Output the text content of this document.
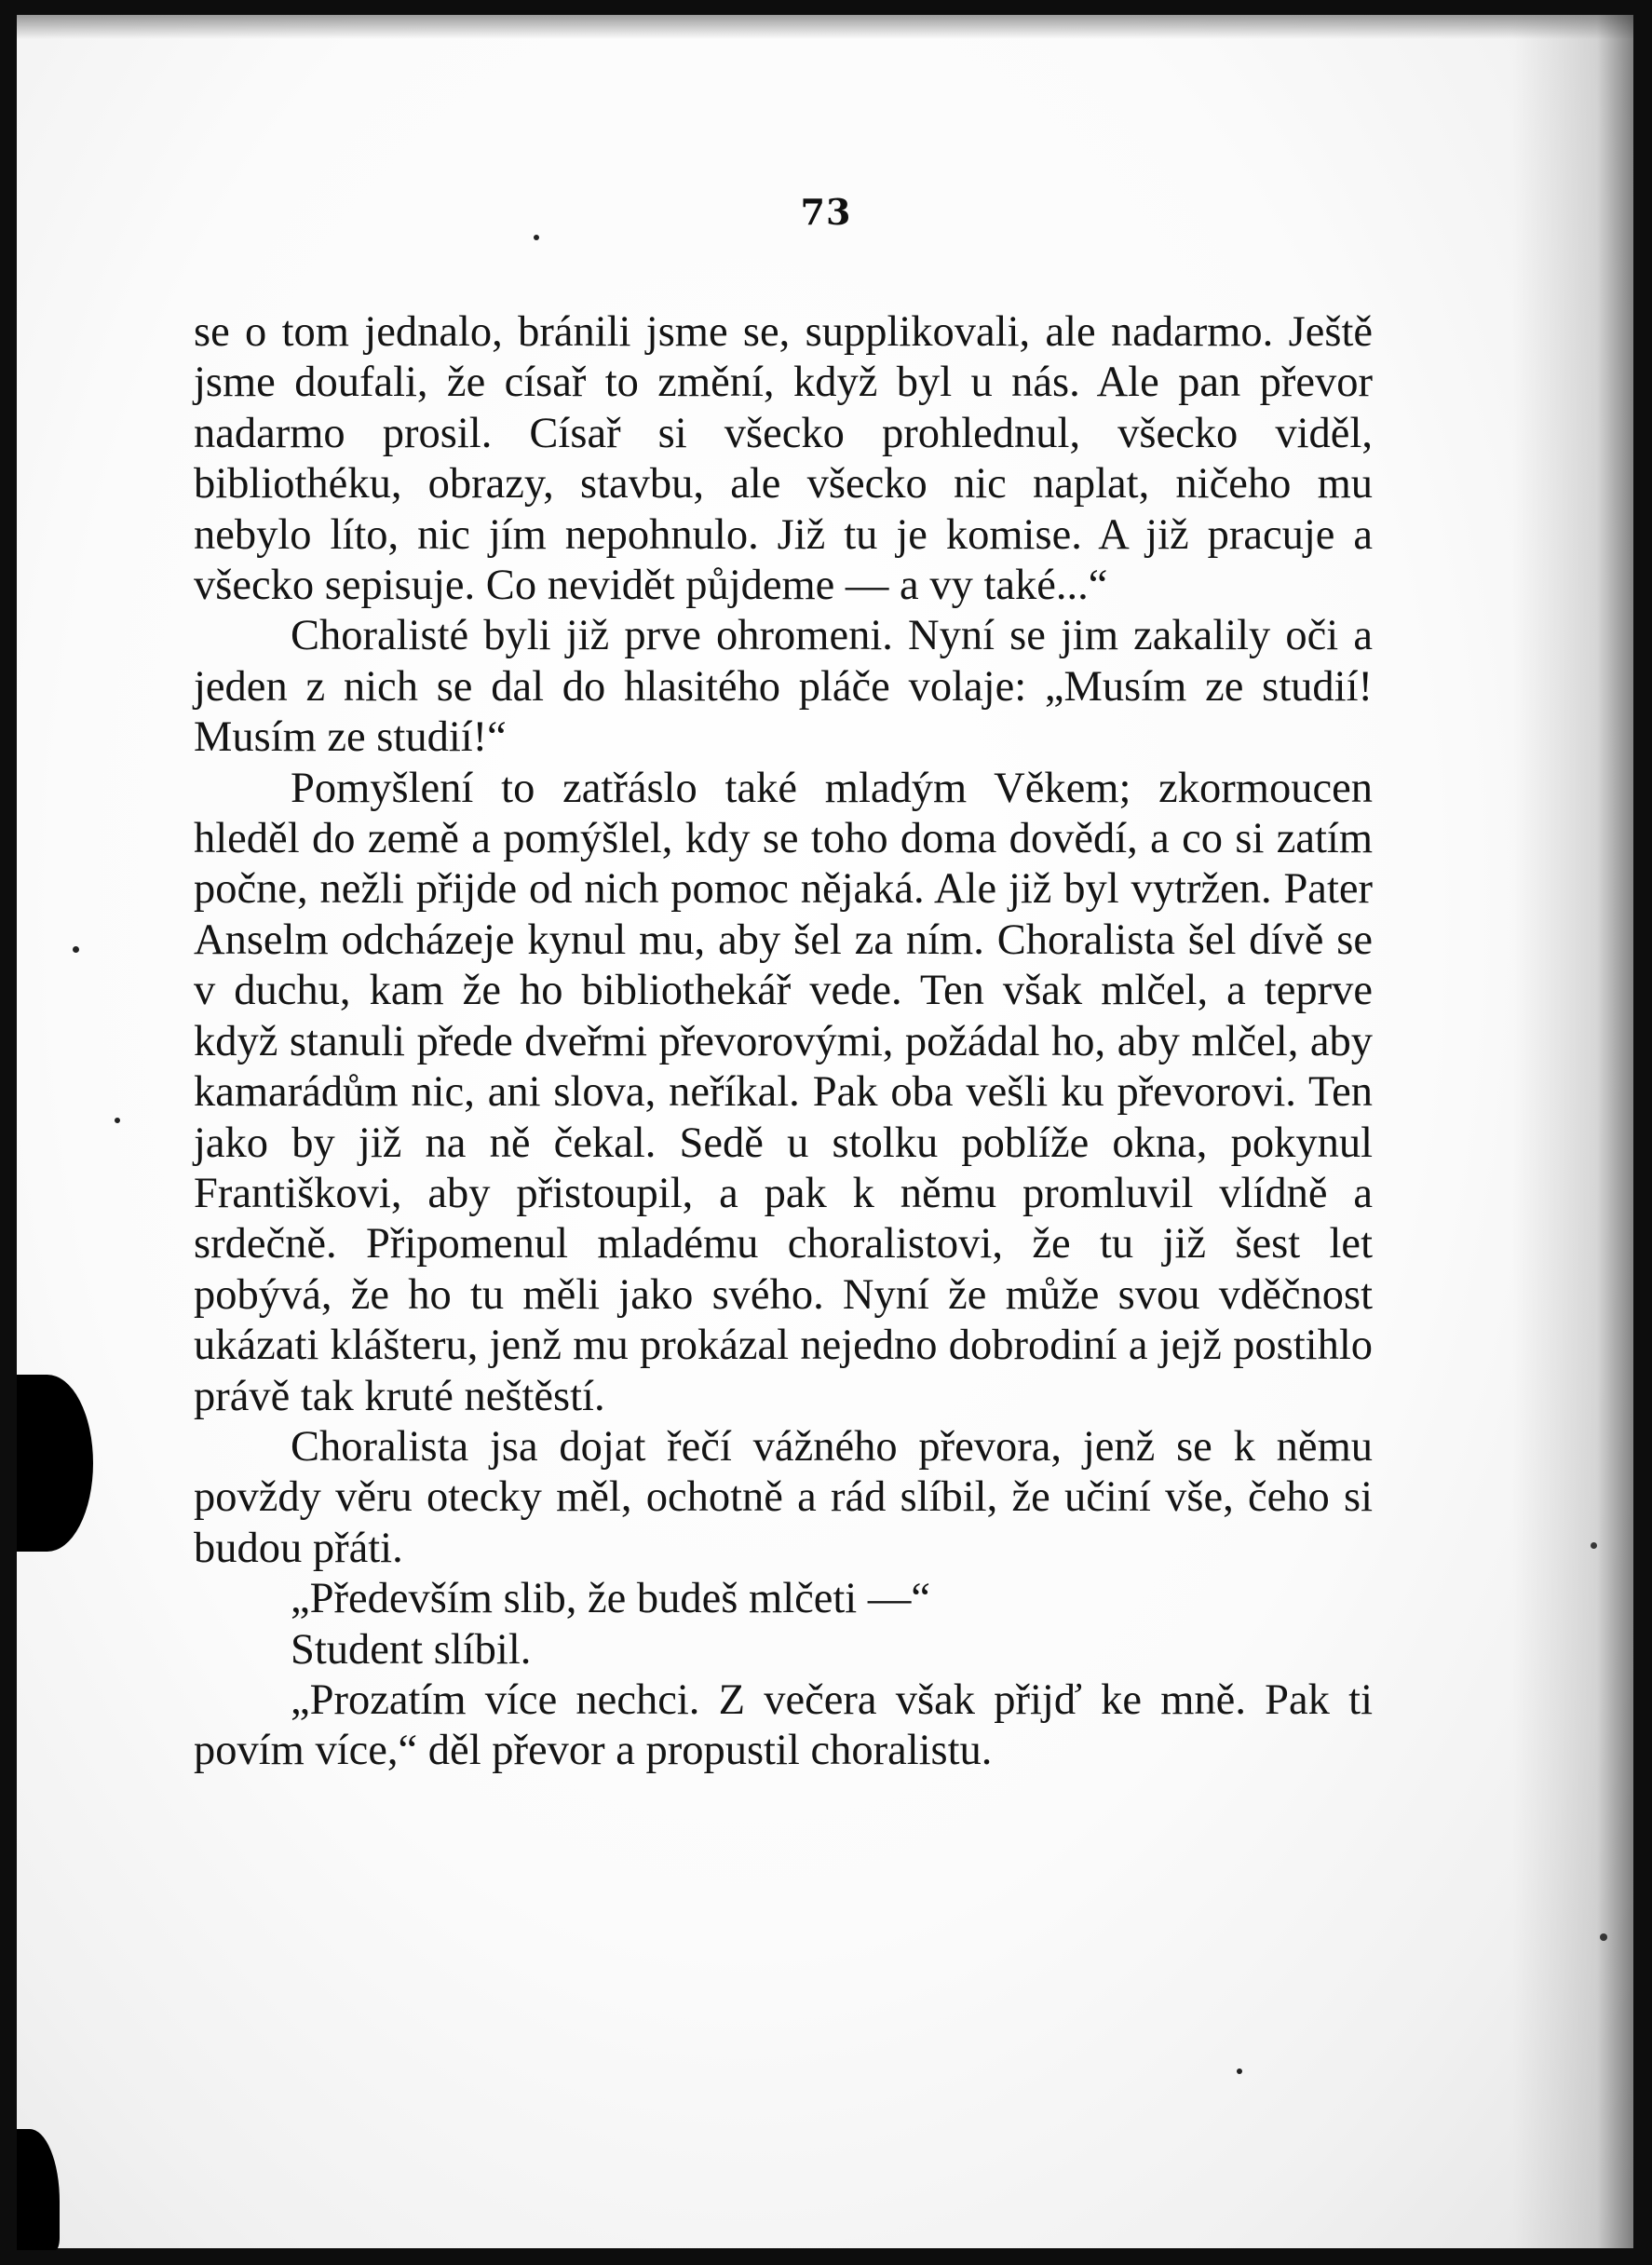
73

se o tom jednalo, bránili jsme se, supplikovali, ale nadarmo. Ještě jsme doufali, že císař to změní, když byl u nás. Ale pan převor nadarmo prosil. Císař si všecko prohlednul, všecko viděl, bibliothéku, obrazy, stavbu, ale všecko nic naplat, ničeho mu nebylo líto, nic jím nepohnulo. Již tu je komise. A již pracuje a všecko sepisuje. Co nevidět půjdeme — a vy také...“

Choralisté byli již prve ohromeni. Nyní se jim zakalily oči a jeden z nich se dal do hlasitého pláče volaje: „Musím ze studií! Musím ze studií!“

Pomyšlení to zatřáslo také mladým Věkem; zkormoucen hleděl do země a pomýšlel, kdy se toho doma dovědí, a co si zatím počne, nežli přijde od nich pomoc nějaká. Ale již byl vytržen. Pater Anselm odcházeje kynul mu, aby šel za ním. Choralista šel dívě se v duchu, kam že ho bibliothekář vede. Ten však mlčel, a teprve když stanuli přede dveřmi převorovými, požádal ho, aby mlčel, aby kamarádům nic, ani slova, neříkal. Pak oba vešli ku převorovi. Ten jako by již na ně čekal. Sedě u stolku poblíže okna, pokynul Františkovi, aby přistoupil, a pak k němu promluvil vlídně a srdečně. Připomenul mladému choralistovi, že tu již šest let pobývá, že ho tu měli jako svého. Nyní že může svou vděčnost ukázati klášteru, jenž mu prokázal nejedno dobrodiní a jejž postihlo právě tak kruté neštěstí.

Choralista jsa dojat řečí vážného převora, jenž se k němu povždy věru otecky měl, ochotně a rád slíbil, že učiní vše, čeho si budou přáti.

„Především slib, že budeš mlčeti —“

Student slíbil.

„Prozatím více nechci. Z večera však přijď ke mně. Pak ti povím více,“ děl převor a propustil choralistu.
